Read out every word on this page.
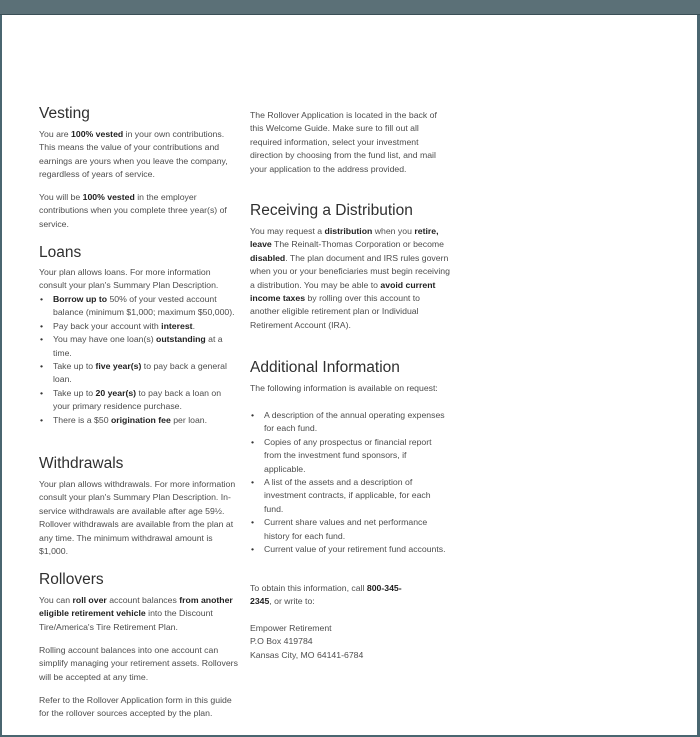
Vesting

You are 100% vested in your own contributions. This means the value of your contributions and earnings are yours when you leave the company, regardless of years of service.

You will be 100% vested in the employer contributions when you complete three year(s) of service.

Loans

Your plan allows loans. For more information consult your plan's Summary Plan Description.

• Borrow up to 50% of your vested account balance (minimum $1,000; maximum $50,000).
• Pay back your account with interest.
• You may have one loan(s) outstanding at a time.
• Take up to five year(s) to pay back a general loan.
• Take up to 20 year(s) to pay back a loan on your primary residence purchase.
• There is a $50 origination fee per loan.
Withdrawals

Your plan allows withdrawals. For more information consult your plan's Summary Plan Description. In-service withdrawals are available after age 59½. Rollover withdrawals are available from the plan at any time. The minimum withdrawal amount is $1,000.

Rollovers

You can roll over account balances from another eligible retirement vehicle into the Discount Tire/America's Tire Retirement Plan.

Rolling account balances into one account can simplify managing your retirement assets. Rollovers will be accepted at any time.

Refer to the Rollover Application form in this guide for the rollover sources accepted by the plan.

The Rollover Application is located in the back of this Welcome Guide. Make sure to fill out all required information, select your investment direction by choosing from the fund list, and mail your application to the address provided.

Receiving a Distribution

You may request a distribution when you retire, leave The Reinalt-Thomas Corporation or become disabled. The plan document and IRS rules govern when you or your beneficiaries must begin receiving a distribution. You may be able to avoid current income taxes by rolling over this account to another eligible retirement plan or Individual Retirement Account (IRA).

Additional Information

The following information is available on request:

• A description of the annual operating expenses for each fund.
• Copies of any prospectus or financial report from the investment fund sponsors, if applicable.
• A list of the assets and a description of investment contracts, if applicable, for each fund.
• Current share values and net performance history for each fund.
• Current value of your retirement fund accounts.

To obtain this information, call 800-345-2345, or write to:

Empower Retirement

P.O Box 419784

Kansas City, MO 64141-6784
